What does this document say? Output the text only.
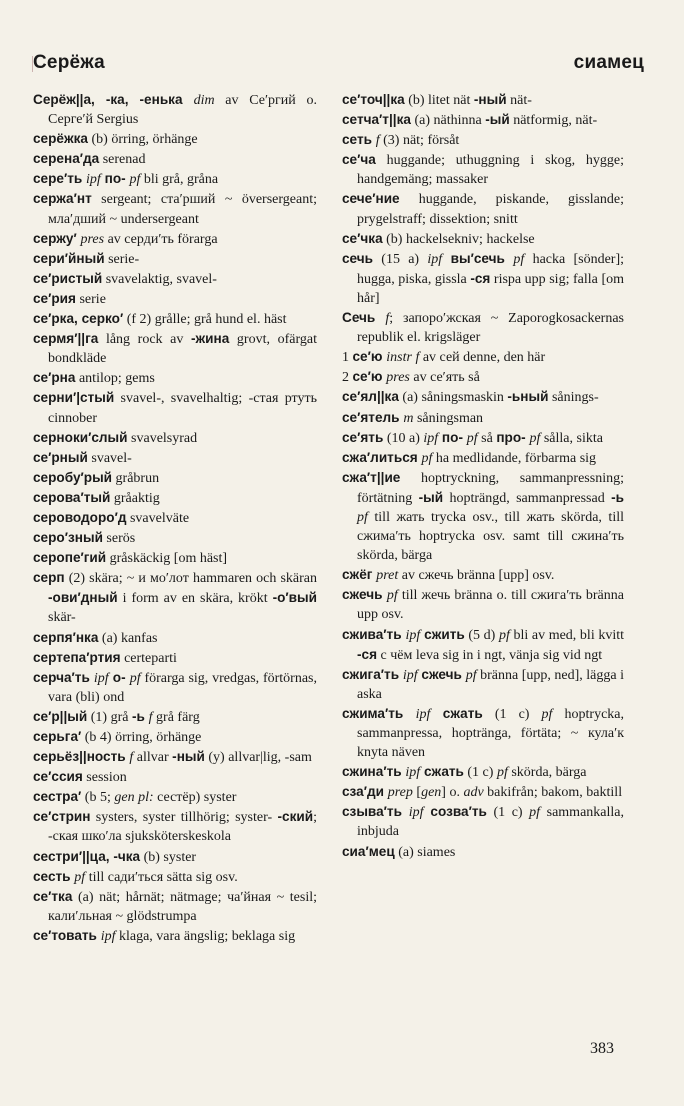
Серёжа	сиамец

Серёж||а, -ка, -енька dim av Се′ргий о. Серге′й Sergius

серёжка (b) örring, örhänge

серена′да serenad

сере′ть ipf по- pf bli grå, gråna

сержа′нт sergeant; ста′рший ~ översergeant; мла′дший ~ undersergeant

сержу′ pres av серди′ть förarga

сери′йный serie-

се′ристый svavelaktig, svavel-

се′рия serie

се′рка, серко′ (f 2) grålle; grå hund el. häst

сермя′||га lång rock av -жина grovt, ofärgat bondkläde

се′рна antilop; gems

серни′|стый svavel-, svavelhaltig; -стая ртуть cinnober

серноки′слый svavelsyrad

се′рный svavel-

серобу′рый gråbrun

серова′тый gråaktig

сероводоро′д svavelväte

серо′зный serös

серопе′гий gråskäckig [om häst]

серп (2) skära; ~ и мо′лот hammaren och skäran -ови′дный i form av en skära, krökt -о′вый skär-

серпя′нка (a) kanfas

сертепа′ртия certeparti

серча′ть ipf о- pf förarga sig, vredgas, förtörnas, vara (bli) ond

се′р||ый (1) grå -ь f grå färg

серьга′ (b 4) örring, örhänge

серьёз||ность f allvar -ный (y) allvar|lig, -sam

се′ссия session

сестра′ (b 5; gen pl: сестёр) syster

се′стрин systers, syster tillhörig; syster- -ский; -ская шко′ла sjuksköterskeskola

сестри′||ца, -чка (b) syster

сесть pf till сади′ться sätta sig osv.

се′тка (a) nät; hårnät; nätmage; ча′йная ~ tesil; кали′льная ~ glödstrumpa

се′товать ipf klaga, vara ängslig; beklaga sig

се′точ||ка (b) litet nät -ный nät-

сетча′т||ка (a) näthinna -ый nätformig, nät-

сеть f (3) nät; försåt

се′ча huggande; uthuggning i skog, hygge; handgemäng; massaker

сече′ние huggande, piskande, gisslande; prygelstraff; dissektion; snitt

се′чка (b) hackelsekniv; hackelse

сечь (15 a) ipf вы′сечь pf hacka [sönder]; hugga, piska, gissla -ся rispa upp sig; falla [om hår]

Сечь f; запоро′жская ~ Zaporogkosackernas republik el. krigsläger

1 се′ю instr f av сей denne, den här

2 се′ю pres av се′ять så

се′ял||ка (a) såningsmaskin -ьный sånings-

се′ятель m såningsman

се′ять (10 a) ipf по- pf så про- pf sålla, sikta

сжа′литься pf ha medlidande, förbarma sig

сжа′т||ие hoptryckning, sammanpressning; förtätning -ый hopträngd, sammanpressad -ь pf till жать trycka osv., till жать skörda, till сжима′ть hoptrycka osv. samt till сжина′ть skörda, bärga

сжёг pret av сжечь bränna [upp] osv.

сжечь pf till жечь bränna o. till сжига′ть bränna upp osv.

сжива′ть ipf сжить (5 d) pf bli av med, bli kvitt -ся с чём leva sig in i ngt, vänja sig vid ngt

сжига′ть ipf сжечь pf bränna [upp, ned], lägga i aska

сжима′ть ipf сжать (1 c) pf hoptrycka, sammanpressa, hopträngа, förtäta; ~ кула′к knyta näven

сжина′ть ipf сжать (1 c) pf skörda, bärga

сза′ди prep [gen] o. adv bakifrån; bakom, baktill

сзыва′ть ipf созва′ть (1 c) pf sammankalla, inbjuda

сиа′мец (a) siames

383
